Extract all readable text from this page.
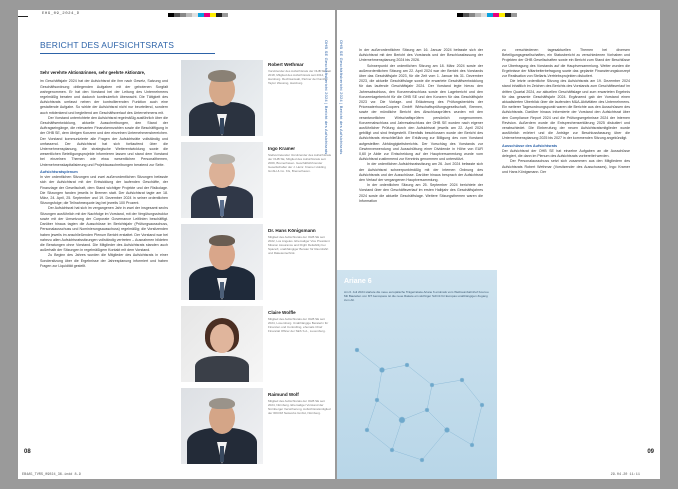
EHG_09_2024_D
BERICHT DES AUFSICHTSRATS
Sehr verehrte Aktionärinnen, sehr geehrte Aktionäre,

im Geschäftsjahr 2024 hat der Aufsichtsrat die ihm nach Gesetz, Satzung und Geschäftsordnung obliegenden Aufgaben mit der gebotenen Sorgfalt wahrgenommen. Er hat den Vorstand bei der Leitung des Unternehmens regelmäßig beraten und dadurch kontinuierlich überwacht. Die Tätigkeit des Aufsichtsrats umfasst neben der kontrollierenden Funktion auch eine gestaltende Aufgabe. So wirkte der Aufsichtsrat nicht nur beurteilend, sondern auch mitdenkend und begleitend am Geschäftsverlauf des Unternehmens mit.

Der Vorstand unterrichtete den Aufsichtsrat regelmäßig ausführlich über die Geschäftsentwicklung, aktuelle Ausschreibungen, den Stand der Auftragseingänge, die relevanten Finanzkennzahlen sowie die Beschäftigung in der OHB SE, dem übrigen Konzern und den einzelnen Unternehmensbereichen. Der Vorstand kommunizierte alle Fragen der Aufsichtsräte vollständig und umfassend. Der Aufsichtsrat hat sich fortlaufend über die Unternehmensplanung, die strategische Weiterentwicklung sowie die wesentlichen Beteiligungsprojekte informieren lassen und stand dem Vorstand bei einzelnen Themen wie etwa wesentlichen Personalthemen, Unternehmenskapitalisierung und Projektausschreibungen beratend zur Seite.

Aufsichtsratsplenum

In vier ordentlichen Sitzungen und zwei außerordentlichen Sitzungen befasste sich der Aufsichtsrat mit der Entwicklung der laufenden Geschäfte, der Finanzlage der Gesellschaft, dem Stand wichtiger Projekte und der Risikolage. Die Sitzungen fanden jeweils in Bremen statt. Der Aufsichtsrat tagte am 18. März, 24. April, 25. September und 19. Dezember 2024 in seiner ordentlichen Sitzungsfolge; die Teilnahmequote lag bei jeweils 100 Prozent.

Der Aufsichtsrat hat sich im vergangenen Jahr in zwei der insgesamt sechs Sitzungen ausführlich mit der Nachfolge im Vorstand, mit der Vergütungsstruktur sowie mit der Umsetzung der Corporate Governance Leitlinien beschäftigt. Darüber hinaus tagten die Ausschüsse im Berichtsjahr (Prüfungsausschuss, Personalausschuss und Nominierungsausschuss) regelmäßig; die Vorsitzenden haben jeweils im anschließenden Plenum Bericht erstattet. Der Vorstand war bei nahezu allen Aufsichtsratssitzungen vollständig vertreten – Ausnahmen bildeten die Beratungen ohne Vorstand. Die Mitglieder des Aufsichtsrats standen auch außerhalb der Sitzungen in regelmäßigem Kontakt mit dem Vorstand.

Zu Beginn des Jahres wurden die Mitglieder des Aufsichtsrats in einer Sondersitzung über die Ergebnisse der Jahresplanung informiert und haben Fragen zur Liquidität gestellt.

Robert Wethmar
Vorsitzender des Aufsichtsrats der OHB SE seit 2018, Mitglied des Aufsichtsrats seit 2014, Hamburg. Rechtsanwalt, Partner der Kanzlei Taylor Wessing, Hamburg.
Ingo Kramer
Stellvertretender Vorsitzender des Aufsichtsrats der OHB SE, Mitglied des Aufsichtsrats seit 2009, Bremerhaven. Geschäftsführender Gesellschafter der J. Heinr. Kramer Holding GmbH & Co. KG, Bremerhaven.
Dr. Hans Königsmann
Mitglied des Aufsichtsrats der OHB SE seit 2022, Los Angeles. Ehemaliger Vice President Mission Assurance and Flight Reliability bei SpaceX, unabhängiger Berater für Raumfahrt und Raketentechnik.
Claire Wolfle
Mitglied des Aufsichtsrats der OHB SE seit 2024, Luxemburg. Unabhängige Beraterin für Finanzen und Controlling, ehemals Chief Financial Officer der SES S.A., Luxemburg.
Raimund Wolf
Mitglied des Aufsichtsrats der OHB SE seit 2024, Nürnberg. Ehemaliger Vorstand der Nürnberger Versicherung, Aufsichtsratsmitglied der IDKOM Networks GmbH, Nürnberg.
OHB SE Geschäftsbericht 2024 | Bericht des Aufsichtsrats
08
EB4A5_TVRS_09024_36.indd 8-9
OHB SE Geschäftsbericht 2024 | Bericht des Aufsichtsrats	In der außerordentlichen Sitzung am 16. Januar 2024 befasste sich der Aufsichtsrat mit den Bericht des Vorstands und der Beschlussfassung der Unternehmensplanung 2024 bis 2026.

Schwerpunkt der ordentlichen Sitzung am 18. März 2024 sowie der außerordentlichen Sitzung am 22. April 2024 war der Bericht des Vorstands über das Geschäftsjahr 2023, für die Zeit vom 1. Januar bis 31. Dezember 2023, die aktuelle Geschäftslage sowie die erwartete Geschäftsentwicklung für das laufende Geschäftsjahr 2024. Der Vorstand legte hierzu den Jahresabschluss, den Konzernabschluss sowie den Lagebericht und den Konzernlagebericht für die OHB SE und den Konzern für das Geschäftsjahr 2023 vor. Die Vorlage- und Erläuterung des Prüfungsberichts der PricewaterhouseCoopers GmbH Wirtschaftsprüfungsgesellschaft, Bremen, sowie der mündliche Bericht des Abschlussprüfers wurden mit den verantwortlichen Wirtschaftsprüfern persönlich vorgenommen. Konzernabschluss und Jahresabschluss der OHB SE wurden nach eigener ausführlicher Prüfung durch den Aufsichtsrat jeweils am 22. April 2024 gebilligt und sind festgestellt. Ebenfalls beschlossen wurde der Bericht des Aufsichtsrats einschließlich der Erklärung zur Billigung des vom Vorstand aufgestellten Abhängigkeitsberichts. Der Vorschlag des Vorstands zur Gewinnverwendung und Ausschüttung einer Dividende in Höhe von EUR 0,60 je Aktie zur Entscheidung auf der Hauptversammlung wurde vom Aufsichtsrat zustimmend zur Kenntnis genommen und unterstützt.

In der ordentlichen Aufsichtsratssitzung am 26. Juni 2024 befasste sich der Aufsichtsrat schwerpunktmäßig mit der internen Ordnung des Aufsichtsrats und der Ausschüsse. Darüber hinaus besprach der Aufsichtsrat den Verlauf der vergangenen Hauptversammlung.

In der ordentlichen Sitzung am 25. September 2024 berichtete der Vorstand über den Geschäftsverlauf im ersten Halbjahr des Geschäftsjahres 2024 sowie die aktuelle Geschäftslage. Weitere Sitzungsthemen waren die Information

zu verschiedenen tagesaktuellen Themen bei diversen Beteiligungsgesellschaften, ein Statusbericht zu verschiedenen Vorhaben und Projekten der OHB Gesellschaften sowie ein Bericht zum Stand der Beschlüsse zur Übertragung des Vorstands auf die Hauptversammlung. Weiter wurden die Ergebnisse der Mitarbeiterbefragung sowie das geplante Finanzierungskonzept zur Realisation von Stellaris-Vertriebsprojekten diskutiert.

Die letzte ordentliche Sitzung des Aufsichtsrats am 19. Dezember 2024 stand inhaltlich im Zeichen des Berichts des Vorstands zum Geschäftsverlauf im dritten Quartal 2024, zur aktuellen Geschäftslage und zum erwarteten Ergebnis für das gesamte Geschäftsjahr 2024. Ergänzend gab der Vorstand einen aktualisierten Überblick über die laufenden M&A-Aktivitäten des Unternehmens. Ein weiterer Tagesordnungspunkt waren die Berichte aus den Ausschüssen des Aufsichtsrats. Darüber hinaus informierte der Vorstand den Aufsichtsrat über den Compliance Report 2024 und die Prüfungsergebnisse 2024 der Internen Revision. Außerdem wurde die Entsprechenserklärung 2025 diskutiert und verabschiedet. Die Einberufung der neuen Aufsichtsratsmitglieder wurde ausführlich erörtert und die Anträge zur Beschlussfassung über die Unternehmensplanung 2025 bis 2027 in der kommenden Sitzung angekündigt.

Ausschüsse des Aufsichtsrats

Der Aufsichtsrat der OHB SE hat einzelne Aufgaben an die Ausschüsse delegiert, die dann im Plenum des Aufsichtsrats vorbereitet werden.

Der Personalausschuss setzt sich zusammen aus den Mitgliedern des Aufsichtsrats Robert Wethmar (Vorsitzender des Ausschusses), Ingo Kramer und Hans Königsmann. Der

Ariane 6
Am 6. Juli 2024 startete die neue europäische Trägerrakete Ariane 6 erstmals vom Weltraumbahnhof Kourou. Mit Bauteilen von MT Aerospace ist die neue Rakete ein wichtiger Schritt für Europas unabhängigen Zugang zum All.
09
29.04.20 11:11
